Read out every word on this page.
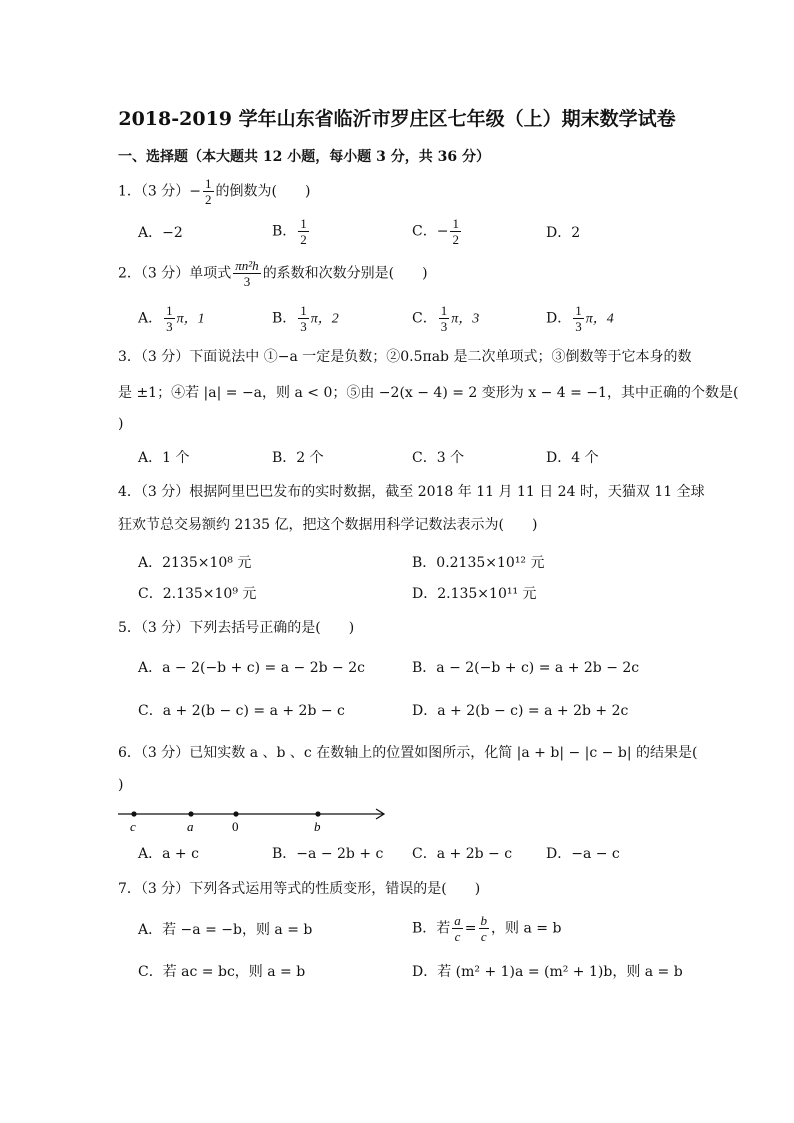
2018-2019 学年山东省临沂市罗庄区七年级（上）期末数学试卷
一、选择题（本大题共 12 小题，每小题 3 分，共 36 分）
1．（3 分）− $\frac{1}{2}$ 的倒数为(　　)
A．−2	B． $\frac{1}{2}$	C．− $\frac{1}{2}$	D．2
2．（3 分）单项式 $\frac{\text{πn²h}}{3}$ 的系数和次数分别是(　　)
A． $\frac{1}{3}$ π，1	B． $\frac{1}{3}$ π，2	C． $\frac{1}{3}$ π，3	D． $\frac{1}{3}$ π，4
3．（3 分）下面说法中 ①−a 一定是负数；②0.5πab 是二次单项式；③倒数等于它本身的数
是 ±1；④若 |a| = −a，则 a < 0；⑤由 −2(x − 4) = 2 变形为 x − 4 = −1，其中正确的个数是(
)
A．1 个	B．2 个	C．3 个	D．4 个
4．（3 分）根据阿里巴巴发布的实时数据，截至 2018 年 11 月 11 日 24 时，天猫双 11 全球
狂欢节总交易额约 2135 亿，把这个数据用科学记数法表示为(　　)
A．2135×10⁸ 元	B．0.2135×10¹² 元
C．2.135×10⁹ 元	D．2.135×10¹¹ 元
5．（3 分）下列去括号正确的是(　　)
A．a − 2(−b + c) = a − 2b − 2c	B．a − 2(−b + c) = a + 2b − 2c
C．a + 2(b − c) = a + 2b − c	D．a + 2(b − c) = a + 2b + 2c
6．（3 分）已知实数 a 、b 、c 在数轴上的位置如图所示，化简 |a + b| − |c − b| 的结果是(
)
c	a	0	b
A．a + c	B．−a − 2b + c C．a + 2b − c D．−a − c
7．（3 分）下列各式运用等式的性质变形，错误的是(　　)
A．若 −a = −b，则 a = b	B．若 $\frac{a}{c} = \frac{b}{c}$ ，则 a = b
C．若 ac = bc，则 a = b	D．若 (m² + 1)a = (m² + 1)b，则 a = b
